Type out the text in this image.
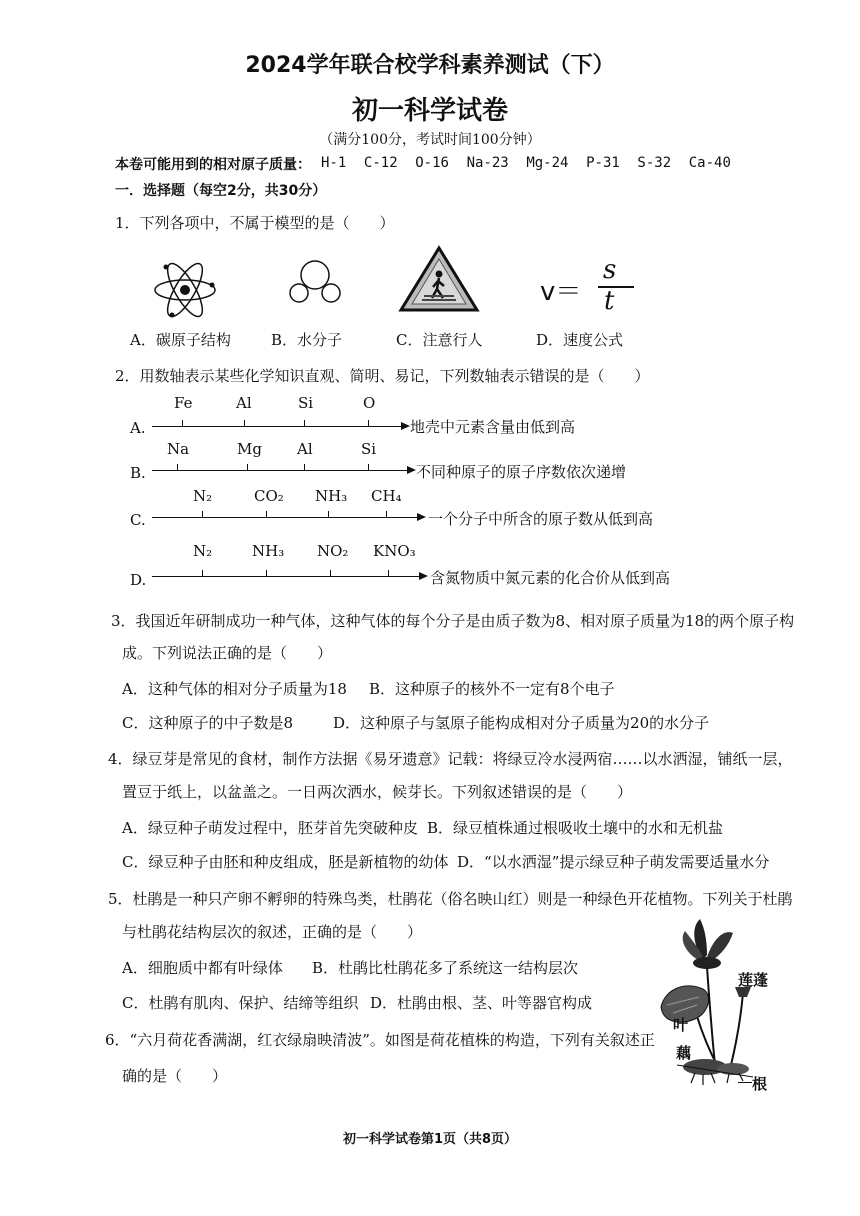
2024学年联合校学科素养测试（下）
初一科学试卷
（满分100分，考试时间100分钟）
本卷可能用到的相对原子质量： H-1 C-12 O-16 Na-23 Mg-24 P-31 S-32 Ca-40
一．选择题（每空2分，共30分）
1．下列各项中，不属于模型的是（　　）
v＝
s
t
A．碳原子结构	B．水分子	C．注意行人	D．速度公式
2．用数轴表示某些化学知识直观、简明、易记，下列数轴表示错误的是（　　）
A.
Fe	Al	Si	O
地壳中元素含量由低到高
B.
Na	Mg Al	Si
不同种原子的原子序数依次递增
C.
N₂	CO₂ NH₃ CH₄
一个分子中所含的原子数从低到高
D.
N₂	NH₃ NO₂ KNO₃
含氮物质中氮元素的化合价从低到高
3．我国近年研制成功一种气体，这种气体的每个分子是由质子数为8、相对原子质量为18的两个原子构
成。下列说法正确的是（　　）
A．这种气体的相对分子质量为18 B．这种原子的核外不一定有8个电子
C．这种原子的中子数是8	D．这种原子与氢原子能构成相对分子质量为20的水分子
4．绿豆芽是常见的食材，制作方法据《易牙遗意》记载：将绿豆冷水浸两宿……以水洒湿，铺纸一层，
置豆于纸上，以盆盖之。一日两次洒水，候芽长。下列叙述错误的是（　　）
A．绿豆种子萌发过程中，胚芽首先突破种皮 B．绿豆植株通过根吸收土壤中的水和无机盐
C．绿豆种子由胚和种皮组成，胚是新植物的幼体 D．“以水洒湿”提示绿豆种子萌发需要适量水分
5．杜鹃是一种只产卵不孵卵的特殊鸟类，杜鹃花（俗名映山红）则是一种绿色开花植物。下列关于杜鹃
与杜鹃花结构层次的叙述，正确的是（　　）
A．细胞质中都有叶绿体 B．杜鹃比杜鹃花多了系统这一结构层次
C．杜鹃有肌肉、保护、结缔等组织 D．杜鹃由根、茎、叶等器官构成
6．“六月荷花香满湖，红衣绿扇映清波”。如图是荷花植株的构造，下列有关叙述正
确的是（　　）
莲蓬
叶
藕
根
初一科学试卷第1页（共8页）
